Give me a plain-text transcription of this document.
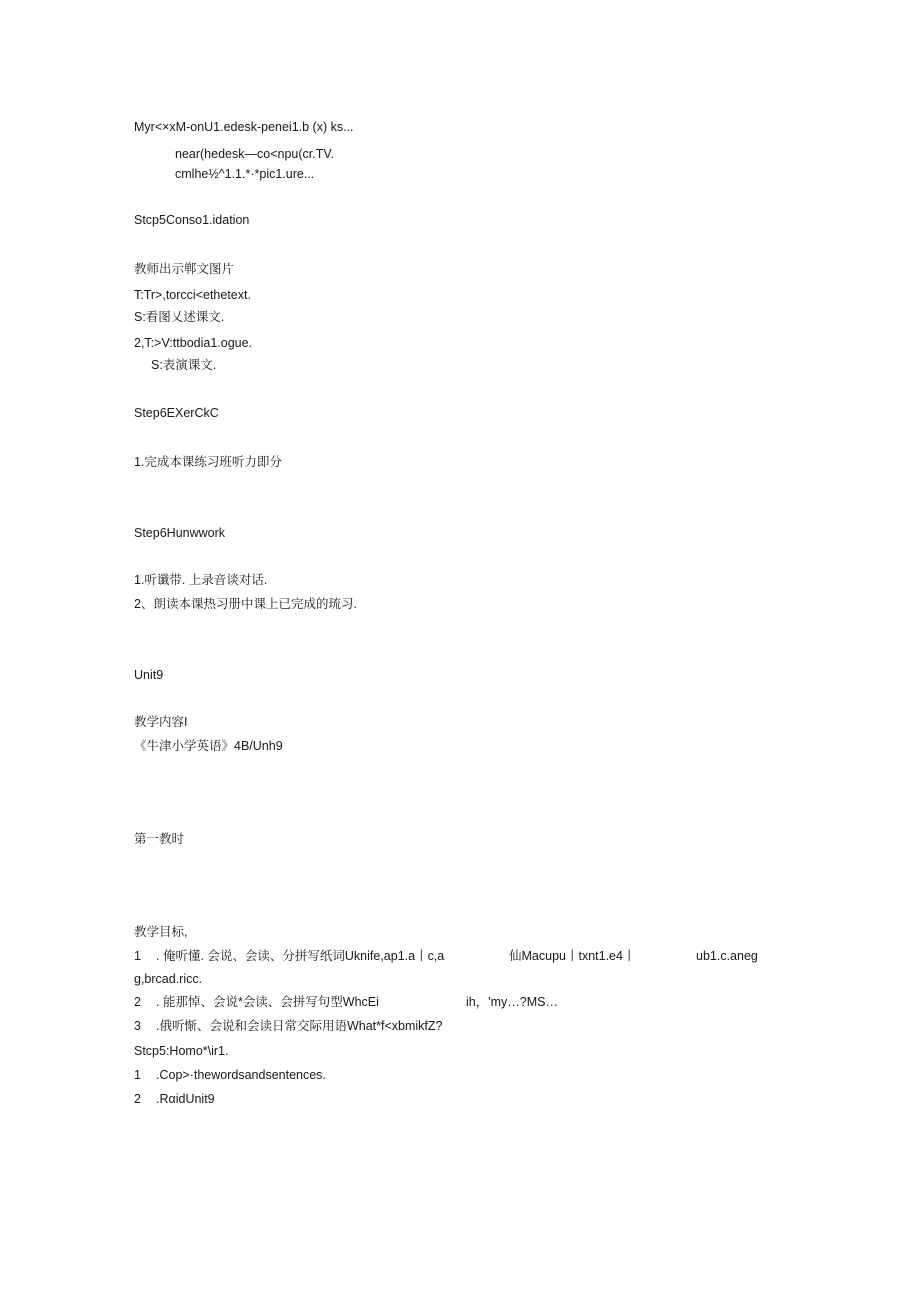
Myr<×xM-onU1.edesk-penei1.b (x) ks...
near(hedesk—co<npu(cr.TV.
cmlhe½^1.1.*·*pic1.ure...
Stcp5Conso1.idation
教师出示郸文图片
T:Tr>,torcci<ethetext.
S:看图乂述课文.
2,T:>V:ttbodia1.ogue.
S:表演课文.
Step6EXerCkC
1.完成本课练习班听力即分
Step6Hunwwork
1.听谶带. 上录音谈对话.
2、朗读本课热习册中课上已完成的琉习.
Unit9
教学内容I
《牛津小学英语》4B/Unh9
第一教时
教学目标,
1 . 俺听懂. 会说、会读、分拼写纸词Uknife,ap1.a丨c,a	仙Macupu丨txnt1.e4丨	ub1.c.aneg
g,brcad.ricc.
2 . 能那悼、会说*会读、会拼写句型WhcEi	ih，'my…?MS…
3 .俄听惭、会说和会读日常交际用语What*f<xbmikfZ?
Stcp5:Homo*\ir1.
1 .Cop>·thewordsandsentences.
2 .RαidUnit9
